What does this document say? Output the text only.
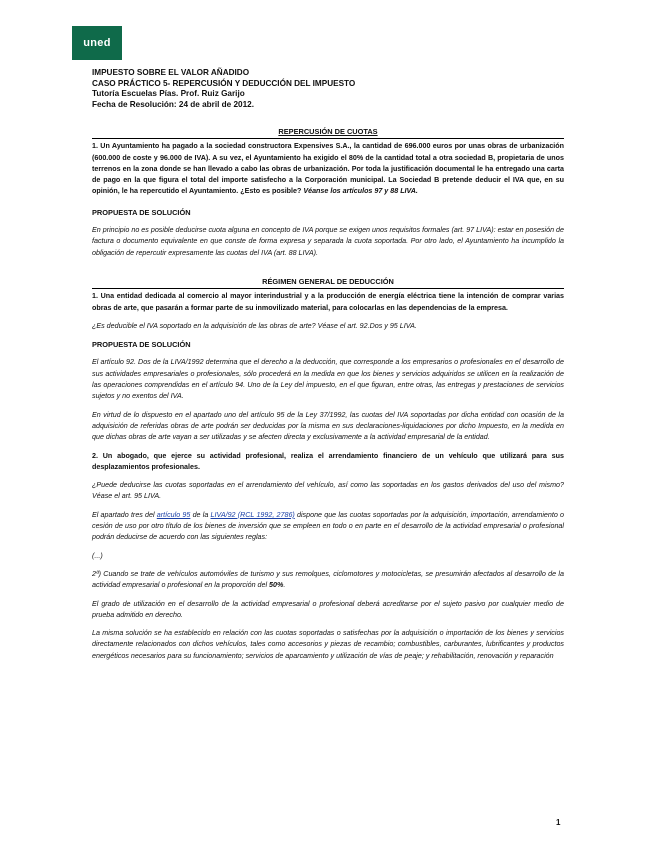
uned
IMPUESTO SOBRE EL VALOR AÑADIDO
CASO PRÁCTICO 5- REPERCUSIÓN Y DEDUCCIÓN DEL IMPUESTO
Tutoría Escuelas Pías. Prof. Ruiz Garijo
Fecha de Resolución: 24 de abril de 2012.
REPERCUSIÓN DE CUOTAS

1. Un Ayuntamiento ha pagado a la sociedad constructora Expensives S.A., la cantidad de 696.000 euros por unas obras de urbanización (600.000 de coste y 96.000 de IVA). A su vez, el Ayuntamiento ha exigido el 80% de la cantidad total a otra sociedad B, propietaria de unos terrenos en la zona donde se han llevado a cabo las obras de urbanización. Por toda la justificación documental le ha entregado una carta de pago en la que figura el total del importe satisfecho a la Corporación municipal. La Sociedad B pretende deducir el IVA que, en su opinión, le ha repercutido el Ayuntamiento. ¿Esto es posible? Véanse los artículos 97 y 88 LIVA.

PROPUESTA DE SOLUCIÓN

En principio no es posible deducirse cuota alguna en concepto de IVA porque se exigen unos requisitos formales (art. 97 LIVA): estar en posesión de factura o documento equivalente en que conste de forma expresa y separada la cuota soportada. Por otro lado, el Ayuntamiento ha incumplido la obligación de repercutir expresamente las cuotas del IVA (art. 88 LIVA).

RÉGIMEN GENERAL DE DEDUCCIÓN

1. Una entidad dedicada al comercio al mayor interindustrial y a la producción de energía eléctrica tiene la intención de comprar varias obras de arte, que pasarán a formar parte de su inmovilizado material, para colocarlas en las dependencias de la empresa.

¿Es deducible el IVA soportado en la adquisición de las obras de arte? Véase el art. 92.Dos y 95 LIVA.

PROPUESTA DE SOLUCIÓN

El artículo 92. Dos de la LIVA/1992 determina que el derecho a la deducción, que corresponde a los empresarios o profesionales en el desarrollo de sus actividades empresariales o profesionales, sólo procederá en la medida en que los bienes y servicios adquiridos se utilicen en la realización de las operaciones comprendidas en el artículo 94. Uno de la Ley del impuesto, en el que figuran, entre otras, las entregas y prestaciones de servicios sujetos y no exentos del IVA.

En virtud de lo dispuesto en el apartado uno del artículo 95 de la Ley 37/1992, las cuotas del IVA soportadas por dicha entidad con ocasión de la adquisición de referidas obras de arte podrán ser deducidas por la misma en sus declaraciones-liquidaciones por dicho Impuesto, en la medida en que dichas obras de arte vayan a ser utilizadas y se afecten directa y exclusivamente a la actividad empresarial de la entidad.

2. Un abogado, que ejerce su actividad profesional, realiza el arrendamiento financiero de un vehículo que utilizará para sus desplazamientos profesionales.

¿Puede deducirse las cuotas soportadas en el arrendamiento del vehículo, así como las soportadas en los gastos derivados del uso del mismo? Véase el art. 95 LIVA.

El apartado tres del artículo 95 de la LIVA/92 (RCL 1992, 2786) dispone que las cuotas soportadas por la adquisición, importación, arrendamiento o cesión de uso por otro título de los bienes de inversión que se empleen en todo o en parte en el desarrollo de la actividad empresarial o profesional podrán deducirse de acuerdo con las siguientes reglas:

(...)

2ª) Cuando se trate de vehículos automóviles de turismo y sus remolques, ciclomotores y motocicletas, se presumirán afectados al desarrollo de la actividad empresarial o profesional en la proporción del 50%.

El grado de utilización en el desarrollo de la actividad empresarial o profesional deberá acreditarse por el sujeto pasivo por cualquier medio de prueba admitido en derecho.

La misma solución se ha establecido en relación con las cuotas soportadas o satisfechas por la adquisición o importación de los bienes y servicios directamente relacionados con dichos vehículos, tales como accesorios y piezas de recambio; combustibles, carburantes, lubrificantes y productos energéticos necesarios para su funcionamiento; servicios de aparcamiento y utilización de vías de peaje; y rehabilitación, renovación y reparación

1
